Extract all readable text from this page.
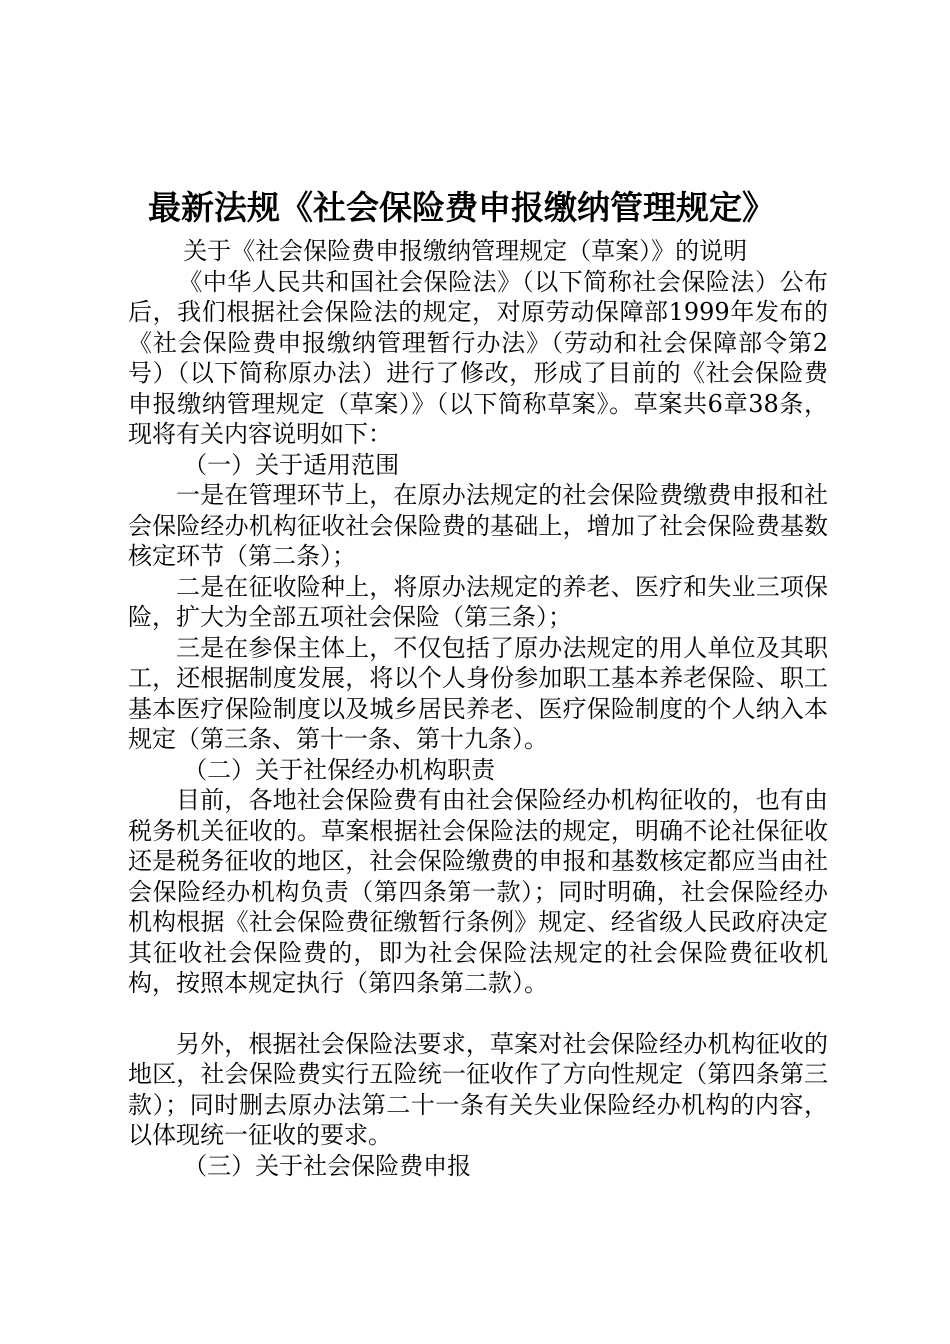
最新法规《社会保险费申报缴纳管理规定》

关于《社会保险费申报缴纳管理规定（草案）》的说明

《中华人民共和国社会保险法》（以下简称社会保险法）公布后，我们根据社会保险法的规定，对原劳动保障部1999年发布的《社会保险费申报缴纳管理暂行办法》（劳动和社会保障部令第2号）（以下简称原办法）进行了修改，形成了目前的《社会保险费申报缴纳管理规定（草案）》（以下简称草案》。草案共6章38条，现将有关内容说明如下：

（一）关于适用范围

一是在管理环节上，在原办法规定的社会保险费缴费申报和社会保险经办机构征收社会保险费的基础上，增加了社会保险费基数核定环节（第二条）；

二是在征收险种上，将原办法规定的养老、医疗和失业三项保险，扩大为全部五项社会保险（第三条）；

三是在参保主体上，不仅包括了原办法规定的用人单位及其职工，还根据制度发展，将以个人身份参加职工基本养老保险、职工基本医疗保险制度以及城乡居民养老、医疗保险制度的个人纳入本规定（第三条、第十一条、第十九条）。

（二）关于社保经办机构职责

目前，各地社会保险费有由社会保险经办机构征收的，也有由税务机关征收的。草案根据社会保险法的规定，明确不论社保征收还是税务征收的地区，社会保险缴费的申报和基数核定都应当由社会保险经办机构负责（第四条第一款）；同时明确，社会保险经办机构根据《社会保险费征缴暂行条例》规定、经省级人民政府决定其征收社会保险费的，即为社会保险法规定的社会保险费征收机构，按照本规定执行（第四条第二款）。

另外，根据社会保险法要求，草案对社会保险经办机构征收的地区，社会保险费实行五险统一征收作了方向性规定（第四条第三款）；同时删去原办法第二十一条有关失业保险经办机构的内容，以体现统一征收的要求。

（三）关于社会保险费申报
